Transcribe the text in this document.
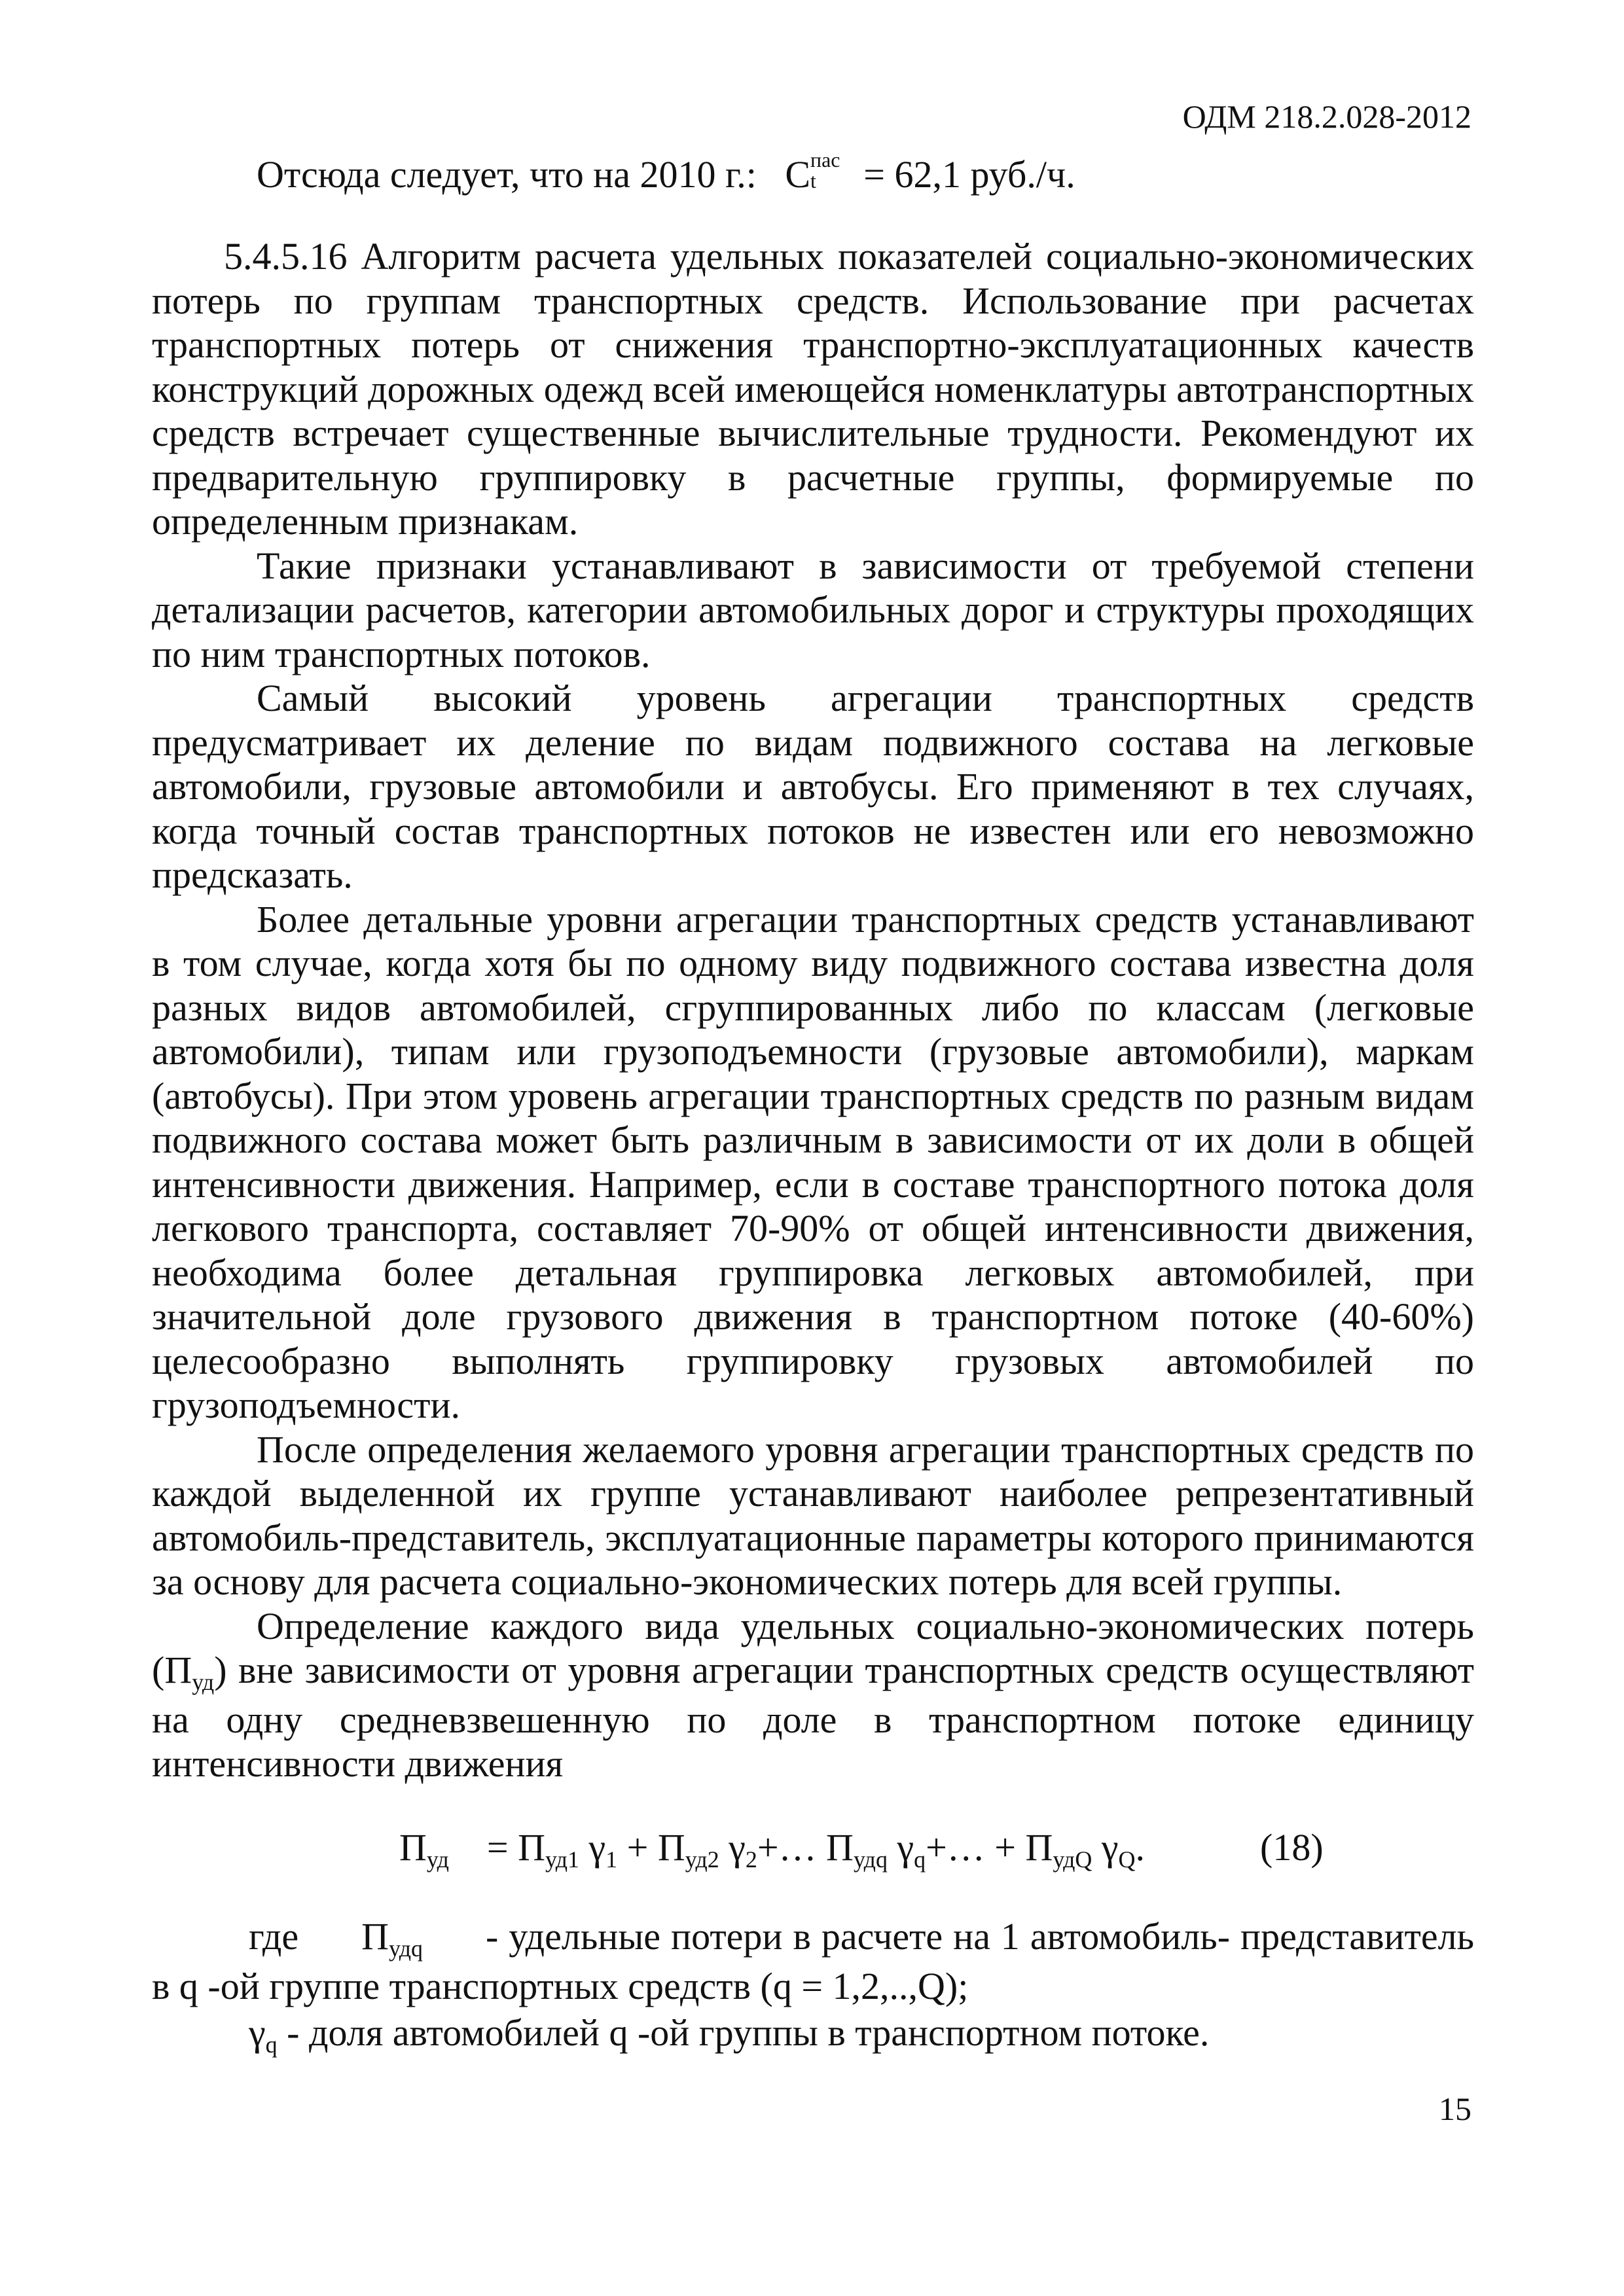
ОДМ 218.2.028-2012
Отсюда следует, что на 2010 г.: C пас
t = 62,1 руб./ч.

5.4.5.16 Алгоритм расчета удельных показателей социально-экономических потерь по группам транспортных средств. Использование при расчетах транспортных потерь от снижения транспортно-эксплуатационных качеств конструкций дорожных одежд всей имеющейся номенклатуры автотранспортных средств встречает существенные вычислительные трудности. Рекомендуют их предварительную группировку в расчетные группы, формируемые по определенным признакам.

Такие признаки устанавливают в зависимости от требуемой степени детализации расчетов, категории автомобильных дорог и структуры проходящих по ним транспортных потоков.

Самый высокий уровень агрегации транспортных средств предусматривает их деление по видам подвижного состава на легковые автомобили, грузовые автомобили и автобусы. Его применяют в тех случаях, когда точный состав транспортных потоков не известен или его невозможно предсказать.

Более детальные уровни агрегации транспортных средств устанавливают в том случае, когда хотя бы по одному виду подвижного состава известна доля разных видов автомобилей, сгруппированных либо по классам (легковые автомобили), типам или грузоподъемности (грузовые автомобили), маркам (автобусы). При этом уровень агрегации транспортных средств по разным видам подвижного состава может быть различным в зависимости от их доли в общей интенсивности движения. Например, если в составе транспортного потока доля легкового транспорта, составляет 70-90% от общей интенсивности движения, необходима более детальная группировка легковых автомобилей, при значительной доле грузового движения в транспортном потоке (40-60%) целесообразно выполнять группировку грузовых автомобилей по грузоподъемности.

После определения желаемого уровня агрегации транспортных средств по каждой выделенной их группе устанавливают наиболее репрезентативный автомобиль-представитель, эксплуатационные параметры которого принимаются за основу для расчета социально-экономических потерь для всей группы.

Определение каждого вида удельных социально-экономических потерь (Пуд) вне зависимости от уровня агрегации транспортных средств осуществляют на одну средневзвешенную по доле в транспортном потоке единицу интенсивности движения

Пуд = Пуд1 γ1 + Пуд2 γ2+… Пудq γq+… + ПудQ γQ.	(18)

где Пудq - удельные потери в расчете на 1 автомобиль- представитель в q -ой группе транспортных средств (q = 1,2,..,Q);

γq - доля автомобилей q -ой группы в транспортном потоке.

15
